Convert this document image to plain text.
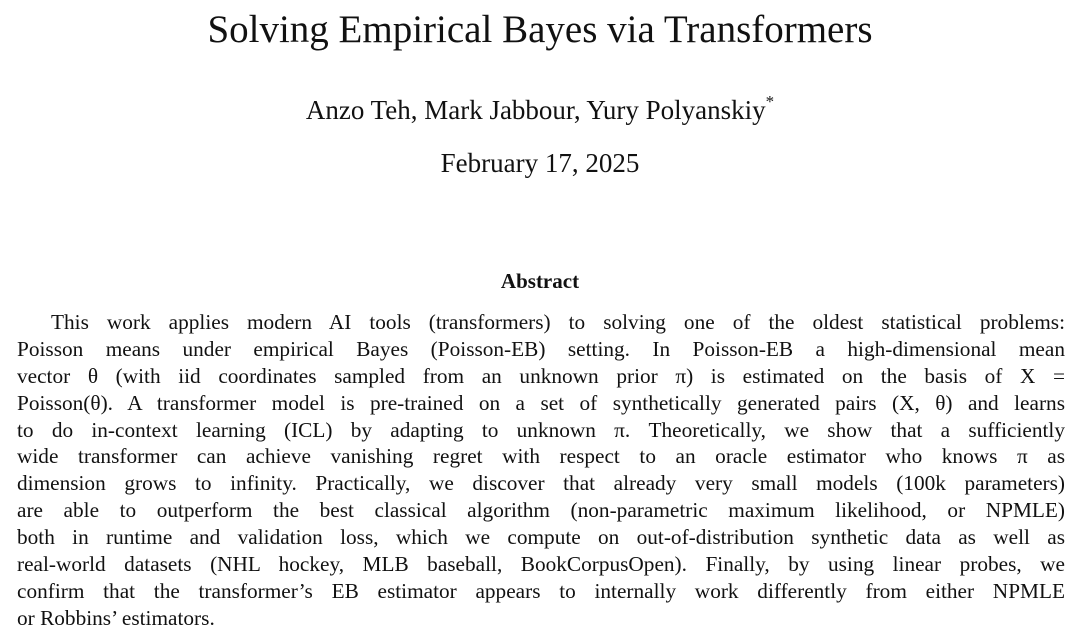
Solving Empirical Bayes via Transformers
Anzo Teh, Mark Jabbour, Yury Polyanskiy*
February 17, 2025
Abstract
This work applies modern AI tools (transformers) to solving one of the oldest statistical problems:
Poisson means under empirical Bayes (Poisson-EB) setting. In Poisson-EB a high-dimensional mean
vector θ (with iid coordinates sampled from an unknown prior π) is estimated on the basis of X =
Poisson(θ). A transformer model is pre-trained on a set of synthetically generated pairs (X, θ) and learns
to do in-context learning (ICL) by adapting to unknown π. Theoretically, we show that a sufficiently
wide transformer can achieve vanishing regret with respect to an oracle estimator who knows π as
dimension grows to infinity. Practically, we discover that already very small models (100k parameters)
are able to outperform the best classical algorithm (non-parametric maximum likelihood, or NPMLE)
both in runtime and validation loss, which we compute on out-of-distribution synthetic data as well as
real-world datasets (NHL hockey, MLB baseball, BookCorpusOpen). Finally, by using linear probes, we
confirm that the transformer’s EB estimator appears to internally work differently from either NPMLE
or Robbins’ estimators.
